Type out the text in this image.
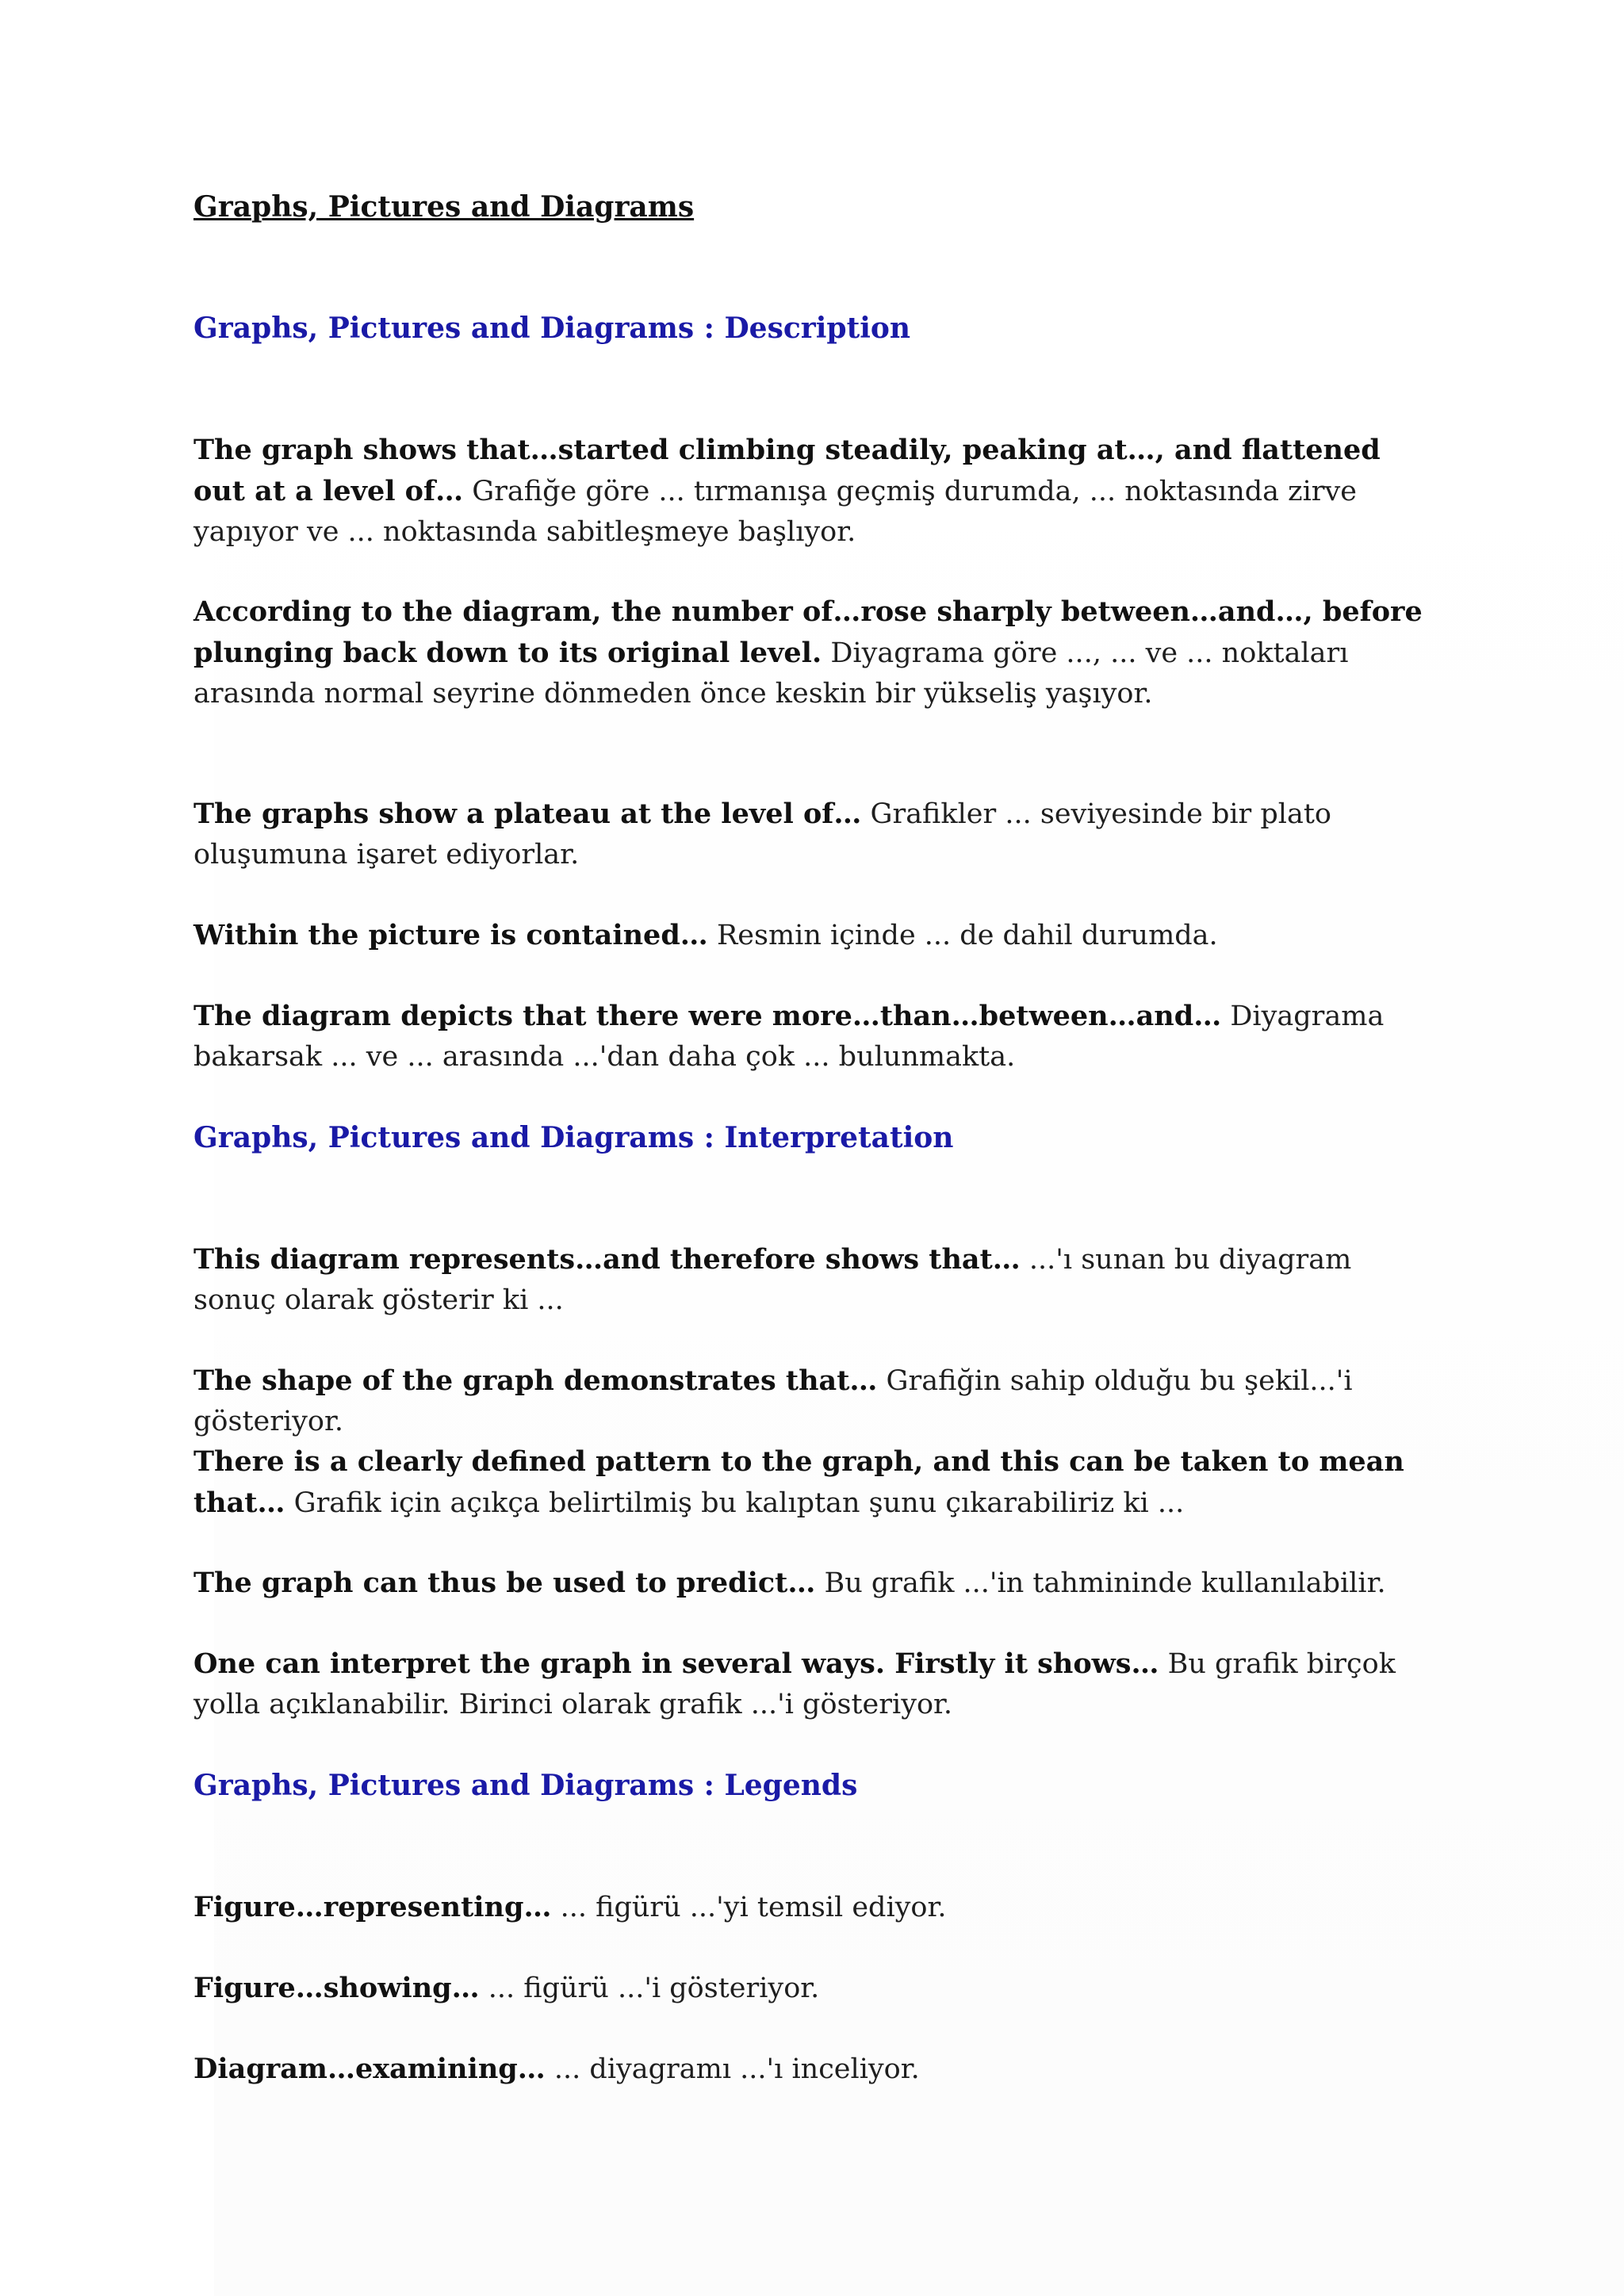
Graphs, Pictures and Diagrams
Graphs, Pictures and Diagrams : Description

The graph shows that…started climbing steadily, peaking at…, and flattened out at a level of… Grafiğe göre ... tırmanışa geçmiş durumda, ... noktasında zirve yapıyor ve ... noktasında sabitleşmeye başlıyor.

According to the diagram, the number of…rose sharply between…and…, before plunging back down to its original level. Diyagrama göre ..., ... ve ... noktaları arasında normal seyrine dönmeden önce keskin bir yükseliş yaşıyor.

The graphs show a plateau at the level of… Grafikler ... seviyesinde bir plato oluşumuna işaret ediyorlar.

Within the picture is contained… Resmin içinde ... de dahil durumda.

The diagram depicts that there were more…than…between…and… Diyagrama bakarsak ... ve ... arasında ...'dan daha çok ... bulunmakta.

Graphs, Pictures and Diagrams : Interpretation

This diagram represents…and therefore shows that… ...'ı sunan bu diyagram sonuç olarak gösterir ki ...

The shape of the graph demonstrates that… Grafiğin sahip olduğu bu şekil...'i gösteriyor.

There is a clearly defined pattern to the graph, and this can be taken to mean that… Grafik için açıkça belirtilmiş bu kalıptan şunu çıkarabiliriz ki ...

The graph can thus be used to predict… Bu grafik ...'in tahmininde kullanılabilir.

One can interpret the graph in several ways. Firstly it shows… Bu grafik birçok yolla açıklanabilir. Birinci olarak grafik ...'i gösteriyor.

Graphs, Pictures and Diagrams : Legends

Figure…representing… ... figürü ...'yi temsil ediyor.

Figure…showing… ... figürü ...'i gösteriyor.

Diagram…examining… ... diyagramı ...'ı inceliyor.
